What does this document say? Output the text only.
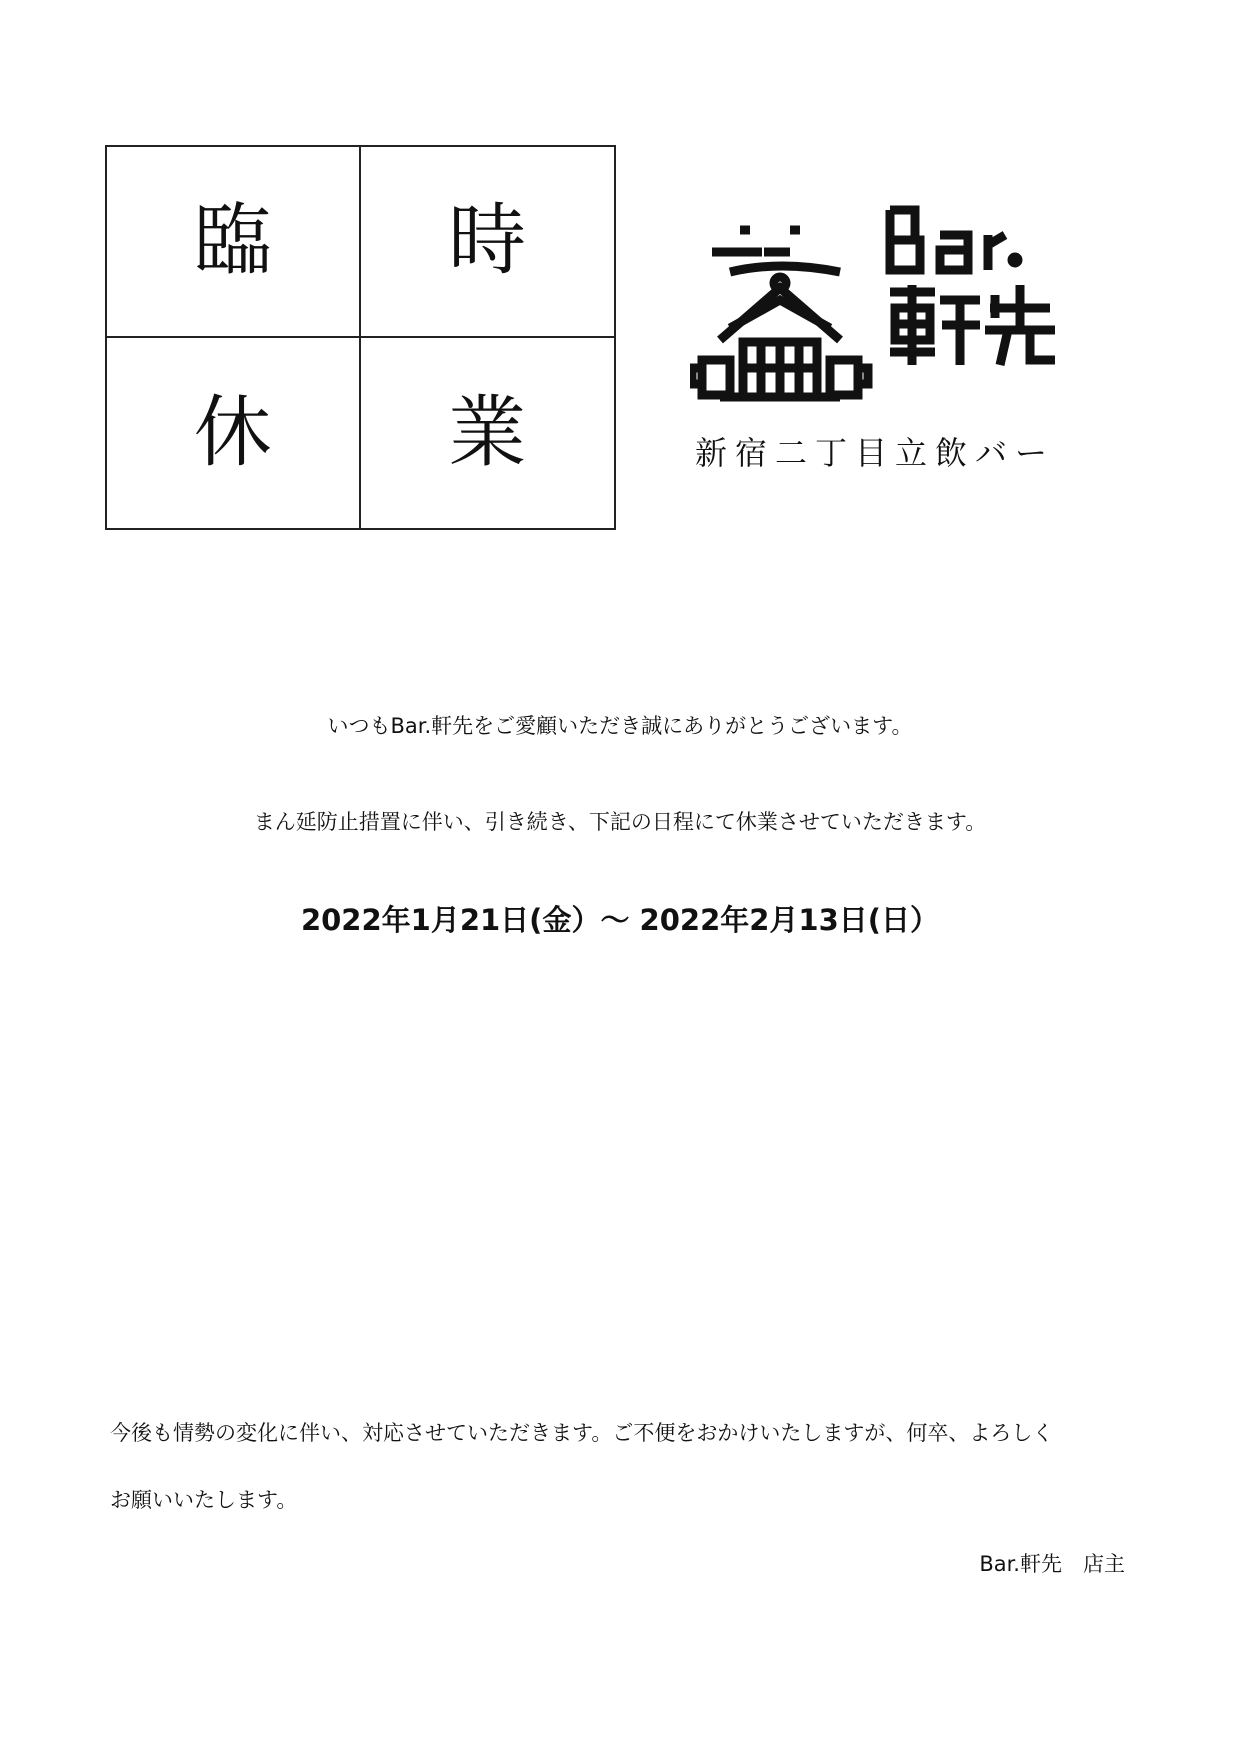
臨	時
休	業	新宿二丁目立飲バー
いつもBar.軒先をご愛顧いただき誠にありがとうございます。
まん延防止措置に伴い、引き続き、下記の日程にて休業させていただきます。
2022年1月21日(金）～ 2022年2月13日(日）
今後も情勢の変化に伴い、対応させていただきます。ご不便をおかけいたしますが、何卒、よろしく
お願いいたします。
Bar.軒先　店主
